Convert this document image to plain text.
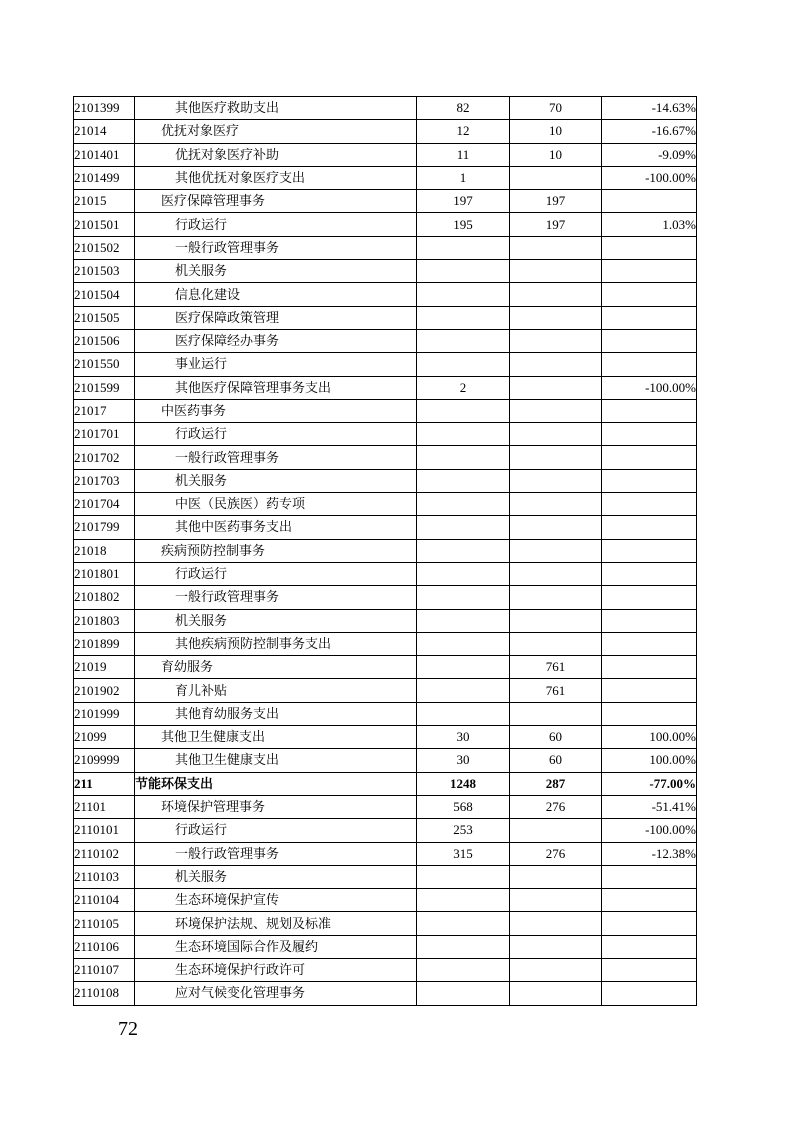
2101399	其他医疗救助支出	82	70	-14.63%
21014	优抚对象医疗	12	10	-16.67%
2101401	优抚对象医疗补助	11	10	-9.09%
2101499	其他优抚对象医疗支出	1		-100.00%
21015	医疗保障管理事务	197	197	
2101501	行政运行	195	197	1.03%
2101502	一般行政管理事务			
2101503	机关服务			
2101504	信息化建设			
2101505	医疗保障政策管理			
2101506	医疗保障经办事务			
2101550	事业运行			
2101599	其他医疗保障管理事务支出	2		-100.00%
21017	中医药事务			
2101701	行政运行			
2101702	一般行政管理事务			
2101703	机关服务			
2101704	中医（民族医）药专项			
2101799	其他中医药事务支出			
21018	疾病预防控制事务			
2101801	行政运行			
2101802	一般行政管理事务			
2101803	机关服务			
2101899	其他疾病预防控制事务支出			
21019	育幼服务		761	
2101902	育儿补贴		761	
2101999	其他育幼服务支出			
21099	其他卫生健康支出	30	60	100.00%
2109999	其他卫生健康支出	30	60	100.00%
211	节能环保支出	1248	287	-77.00%
21101	环境保护管理事务	568	276	-51.41%
2110101	行政运行	253		-100.00%
2110102	一般行政管理事务	315	276	-12.38%
2110103	机关服务			
2110104	生态环境保护宣传			
2110105	环境保护法规、规划及标准			
2110106	生态环境国际合作及履约			
2110107	生态环境保护行政许可			
2110108	应对气候变化管理事务			
72
